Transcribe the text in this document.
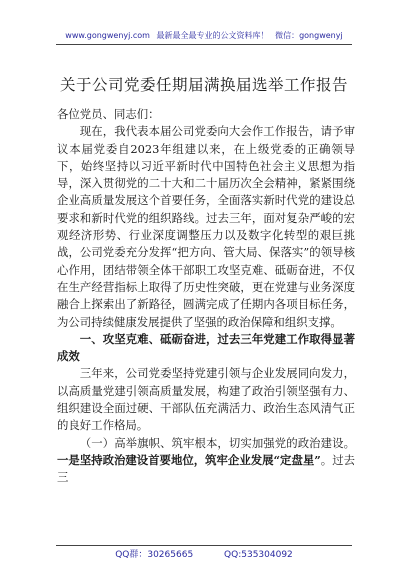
www.gongwenyj.com 最新最全最专业的公文资料库！ 微信：gongwenyj
关于公司党委任期届满换届选举工作报告

各位党员、同志们：

现在，我代表本届公司党委向大会作工作报告，请予审议本届党委自2023年组建以来，在上级党委的正确领导下，始终坚持以习近平新时代中国特色社会主义思想为指导，深入贯彻党的二十大和二十届历次全会精神，紧紧围绕企业高质量发展这个首要任务，全面落实新时代党的建设总要求和新时代党的组织路线。过去三年，面对复杂严峻的宏观经济形势、行业深度调整压力以及数字化转型的艰巨挑战，公司党委充分发挥“把方向、管大局、保落实”的领导核心作用，团结带领全体干部职工攻坚克难、砥砺奋进，不仅在生产经营指标上取得了历史性突破，更在党建与业务深度融合上探索出了新路径，圆满完成了任期内各项目标任务，为公司持续健康发展提供了坚强的政治保障和组织支撑。

一、攻坚克难、砥砺奋进，过去三年党建工作取得显著成效

三年来，公司党委坚持党建引领与企业发展同向发力，以高质量党建引领高质量发展，构建了政治引领坚强有力、组织建设全面过硬、干部队伍充满活力、政治生态风清气正的良好工作格局。

（一）高举旗帜、筑牢根本，切实加强党的政治建设。一是坚持政治建设首要地位，筑牢企业发展“定盘星”。过去三

QQ群：30265665	QQ:535304092
